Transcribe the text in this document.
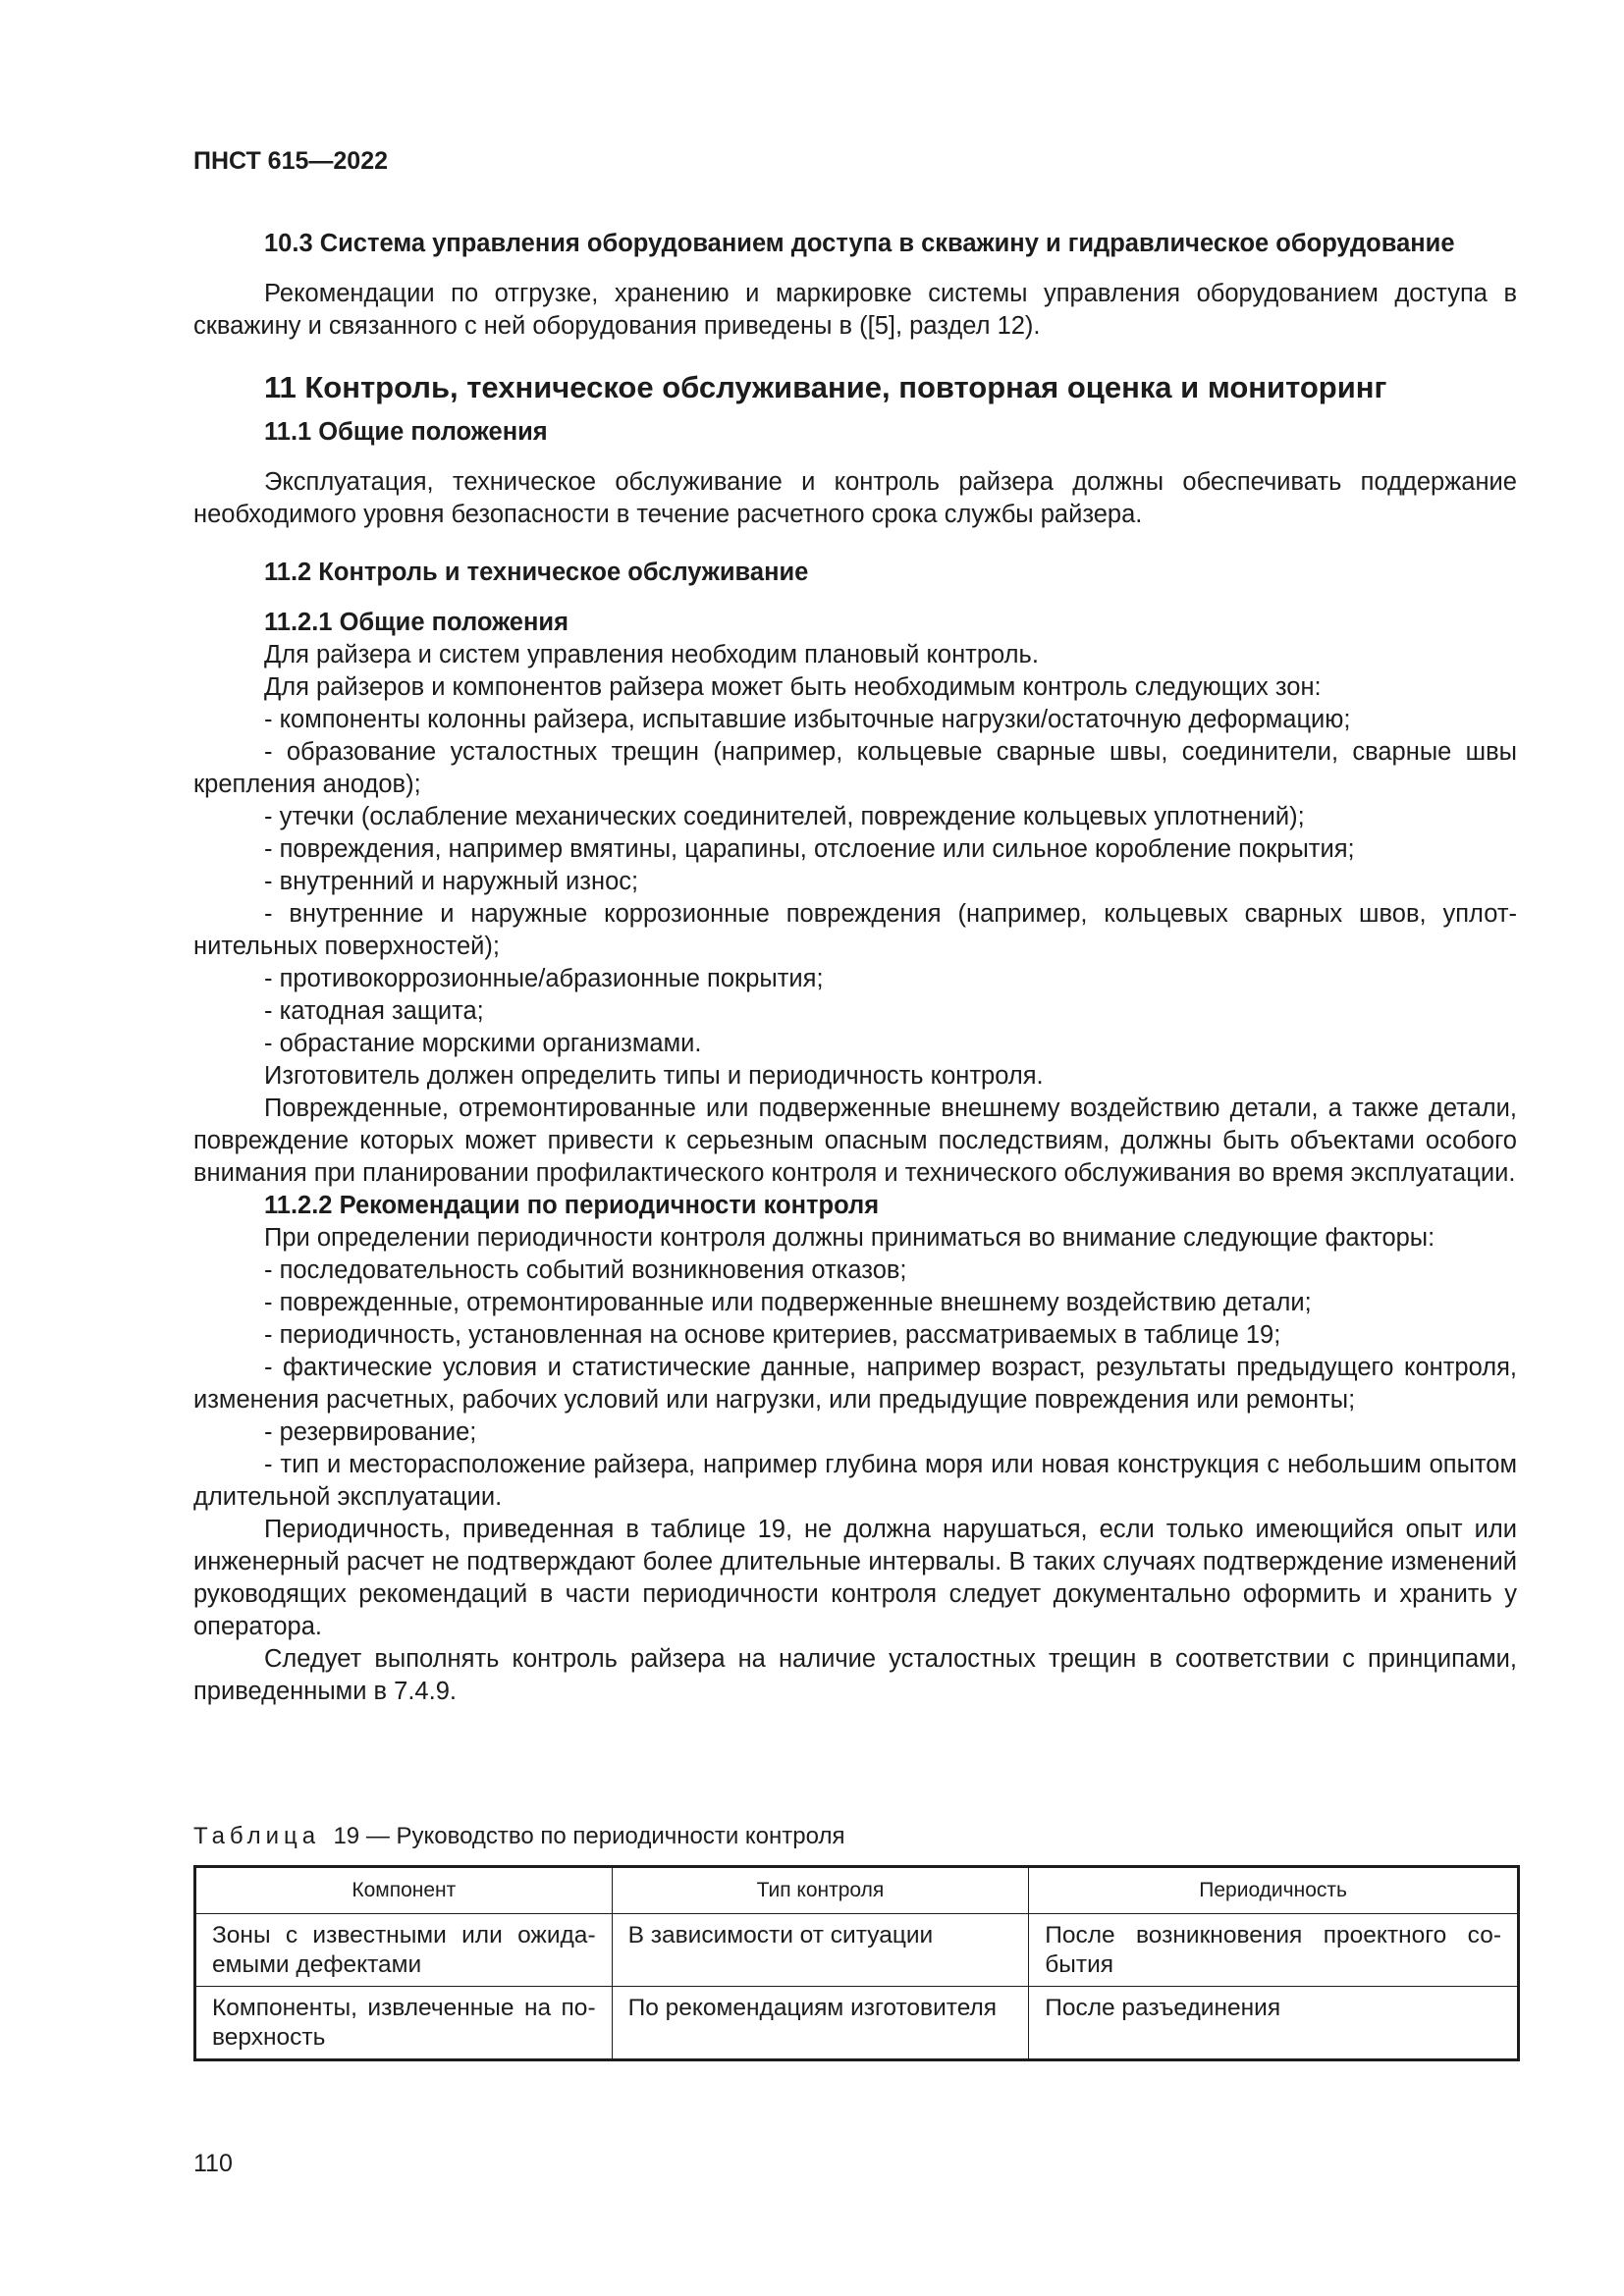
ПНСТ 615—2022

10.3 Система управления оборудованием доступа в скважину и гидравлическое оборудование

Рекомендации по отгрузке, хранению и маркировке системы управления оборудованием доступа в скважину и связанного с ней оборудования приведены в ([5], раздел 12).

11 Контроль, техническое обслуживание, повторная оценка и мониторинг

11.1 Общие положения

Эксплуатация, техническое обслуживание и контроль райзера должны обеспечивать поддержание необходимого уровня безопасности в течение расчетного срока службы райзера.

11.2 Контроль и техническое обслуживание

11.2.1 Общие положения

Для райзера и систем управления необходим плановый контроль.

Для райзеров и компонентов райзера может быть необходимым контроль следующих зон:

- компоненты колонны райзера, испытавшие избыточные нагрузки/остаточную деформацию;

- образование усталостных трещин (например, кольцевые сварные швы, соединители, сварные швы крепления анодов);

- утечки (ослабление механических соединителей, повреждение кольцевых уплотнений);

- повреждения, например вмятины, царапины, отслоение или сильное коробление покрытия;

- внутренний и наружный износ;

- внутренние и наружные коррозионные повреждения (например, кольцевых сварных швов, уплотнительных поверхностей);

- противокоррозионные/абразионные покрытия;

- катодная защита;

- обрастание морскими организмами.

Изготовитель должен определить типы и периодичность контроля.

Поврежденные, отремонтированные или подверженные внешнему воздействию детали, а также детали, повреждение которых может привести к серьезным опасным последствиям, должны быть объектами особого внимания при планировании профилактического контроля и технического обслуживания во время эксплуатации.

11.2.2 Рекомендации по периодичности контроля

При определении периодичности контроля должны приниматься во внимание следующие факторы:

- последовательность событий возникновения отказов;

- поврежденные, отремонтированные или подверженные внешнему воздействию детали;

- периодичность, установленная на основе критериев, рассматриваемых в таблице 19;

- фактические условия и статистические данные, например возраст, результаты предыдущего контроля, изменения расчетных, рабочих условий или нагрузки, или предыдущие повреждения или ремонты;

- резервирование;

- тип и месторасположение райзера, например глубина моря или новая конструкция с небольшим опытом длительной эксплуатации.

Периодичность, приведенная в таблице 19, не должна нарушаться, если только имеющийся опыт или инженерный расчет не подтверждают более длительные интервалы. В таких случаях подтверждение изменений руководящих рекомендаций в части периодичности контроля следует документально оформить и хранить у оператора.

Следует выполнять контроль райзера на наличие усталостных трещин в соответствии с принципами, приведенными в 7.4.9.

Таблица 19 — Руководство по периодичности контроля

Компонент	Тип контроля	Периодичность
Зоны с известными или ожидаемыми дефектами	В зависимости от ситуации	После возникновения проектного события
Компоненты, извлеченные на поверхность	По рекомендациям изготовителя	После разъединения

110
